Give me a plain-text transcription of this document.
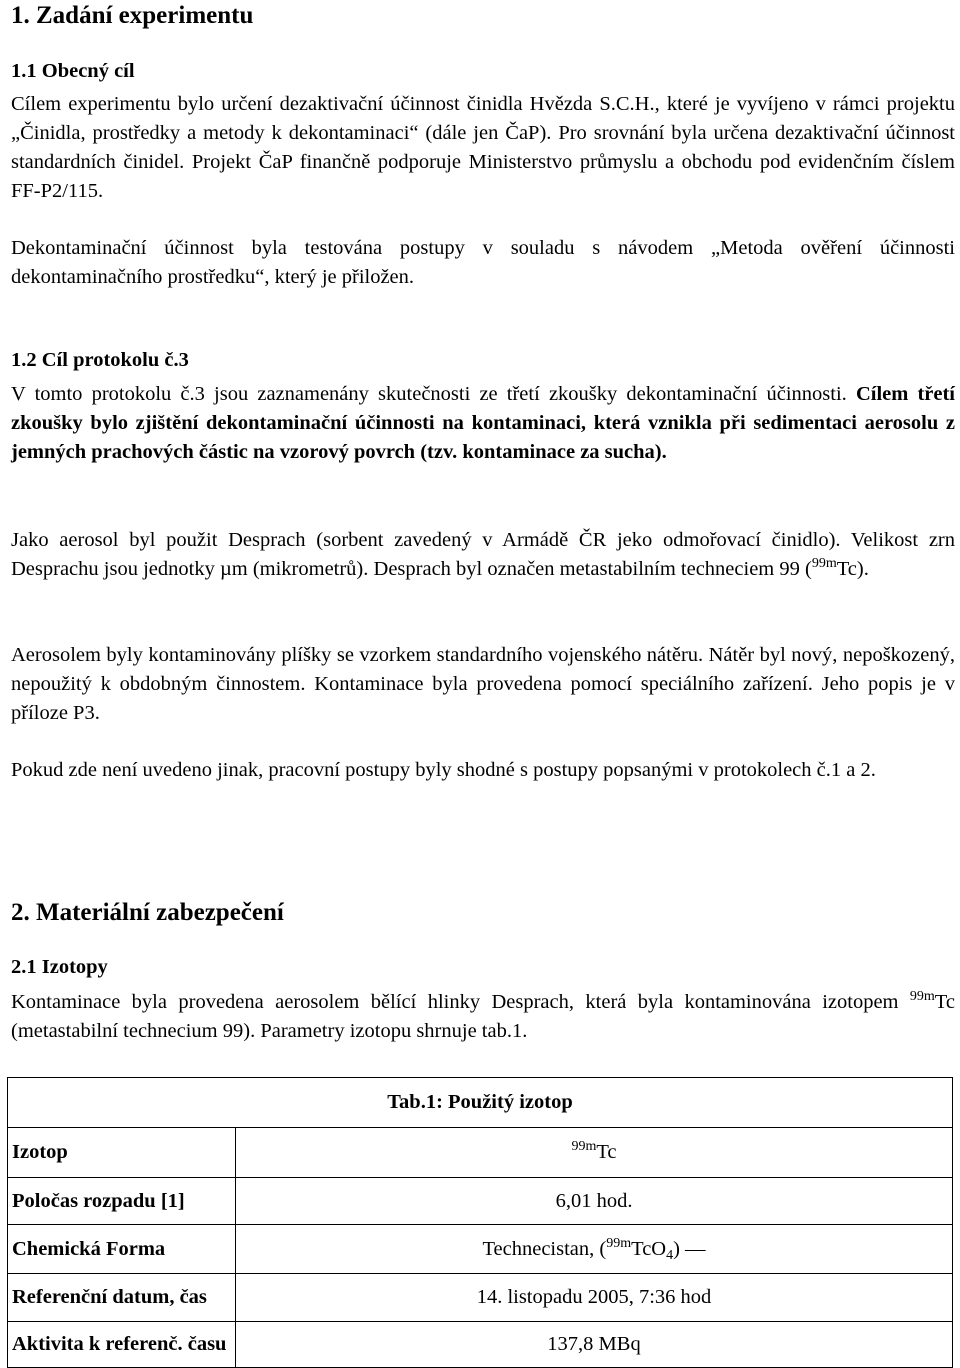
1. Zadání experimentu
1.1 Obecný cíl

Cílem experimentu bylo určení dezaktivační účinnost činidla Hvězda S.C.H., které je vyvíjeno v rámci projektu „Činidla, prostředky a metody k dekontaminaci“ (dále jen ČaP). Pro srovnání byla určena dezaktivační účinnost standardních činidel. Projekt ČaP finančně podporuje Ministerstvo průmyslu a obchodu pod evidenčním číslem FF-P2/115.

Dekontaminační účinnost byla testována postupy v souladu s návodem „Metoda ověření účinnosti dekontaminačního prostředku“, který je přiložen.

1.2 Cíl protokolu č.3

V tomto protokolu č.3 jsou zaznamenány skutečnosti ze třetí zkoušky dekontaminační účinnosti. Cílem třetí zkoušky bylo zjištění dekontaminační účinnosti na kontaminaci, která vznikla při sedimentaci aerosolu z jemných prachových částic na vzorový povrch (tzv. kontaminace za sucha).

Jako aerosol byl použit Desprach (sorbent zavedený v Armádě ČR jeko odmořovací činidlo). Velikost zrn Desprachu jsou jednotky µm (mikrometrů). Desprach byl označen metastabilním techneciem 99 ($^{99m}$Tc).

Aerosolem byly kontaminovány plíšky se vzorkem standardního vojenského nátěru. Nátěr byl nový, nepoškozený, nepoužitý k obdobným činnostem. Kontaminace byla provedena pomocí speciálního zařízení. Jeho popis je v příloze P3.

Pokud zde není uvedeno jinak, pracovní postupy byly shodné s postupy popsanými v protokolech č.1 a 2.

2. Materiální zabezpečení
2.1 Izotopy

Kontaminace byla provedena aerosolem bělící hlinky Desprach, která byla kontaminována izotopem $^{99m}$Tc (metastabilní technecium 99). Parametry izotopu shrnuje tab.1.

Tab.1: Použitý izotop	
Izotop	$^{99m}$Tc
Poločas rozpadu [1]	6,01 hod.
Chemická Forma	Technecistan, ($^{99m}$TcO$_4$) —
Referenční datum, čas	14. listopadu 2005, 7:36 hod
Aktivita k referenč. času	137,8 MBq
